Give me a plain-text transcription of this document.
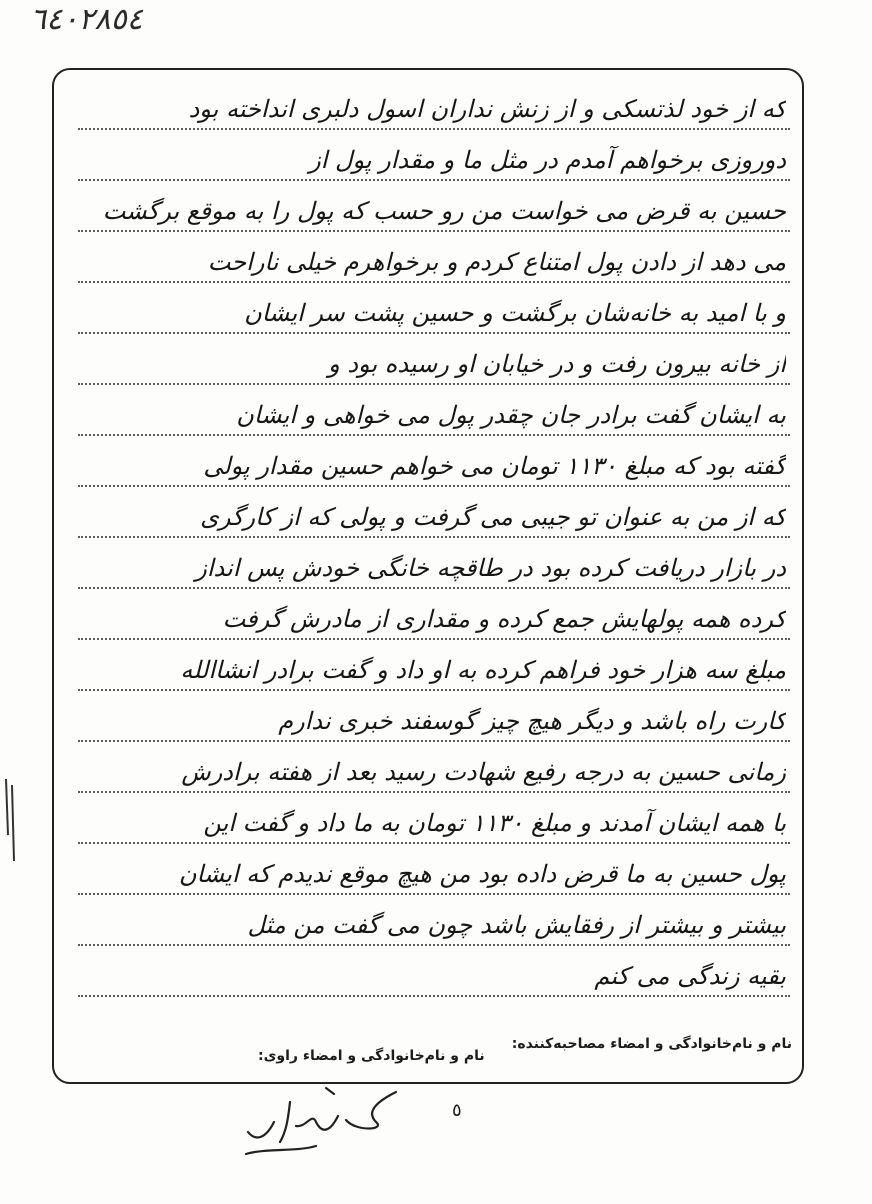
٦٤٠٢٨٥٤
که از خود لذتسکی و از زنش نداران اسول دلبری انداخته بود
دوروزی برخواهم آمدم در مثل ما و مقدار پول از
حسین به قرض می خواست من رو حسب که پول را به موقع برگشت
می دهد از دادن پول امتناع کردم و برخواهرم خیلی ناراحت
و با امید به خانه‌شان برگشت و حسین پشت سر ایشان
از خانه بیرون رفت و در خیابان او رسیده بود و
به ایشان گفت برادر جان چقدر پول می خواهی و ایشان
گفته بود که مبلغ ۱۱۳۰ تومان می خواهم حسین مقدار پولی
که از من به عنوان تو جیبی می گرفت و پولی که از کارگری
در بازار دریافت کرده بود در طاقچه خانگی خودش پس انداز
کرده همه پولهایش جمع کرده و مقداری از مادرش گرفت
مبلغ سه هزار خود فراهم کرده به او داد و گفت برادر انشاالله
کارت راه باشد و دیگر هیچ چیز گوسفند خبری ندارم
زمانی حسین به درجه رفیع شهادت رسید بعد از هفته برادرش
با همه ایشان آمدند و مبلغ ۱۱۳۰ تومان به ما داد و گفت این
پول حسین به ما قرض داده بود من هیچ موقع ندیدم که ایشان
بیشتر و بیشتر از رفقایش باشد چون می گفت من مثل
بقیه زندگی می کنم
نام و نام‌خانوادگی و امضاء مصاحبه‌کننده:
نام و نام‌خانوادگی و امضاء راوی:
٥
